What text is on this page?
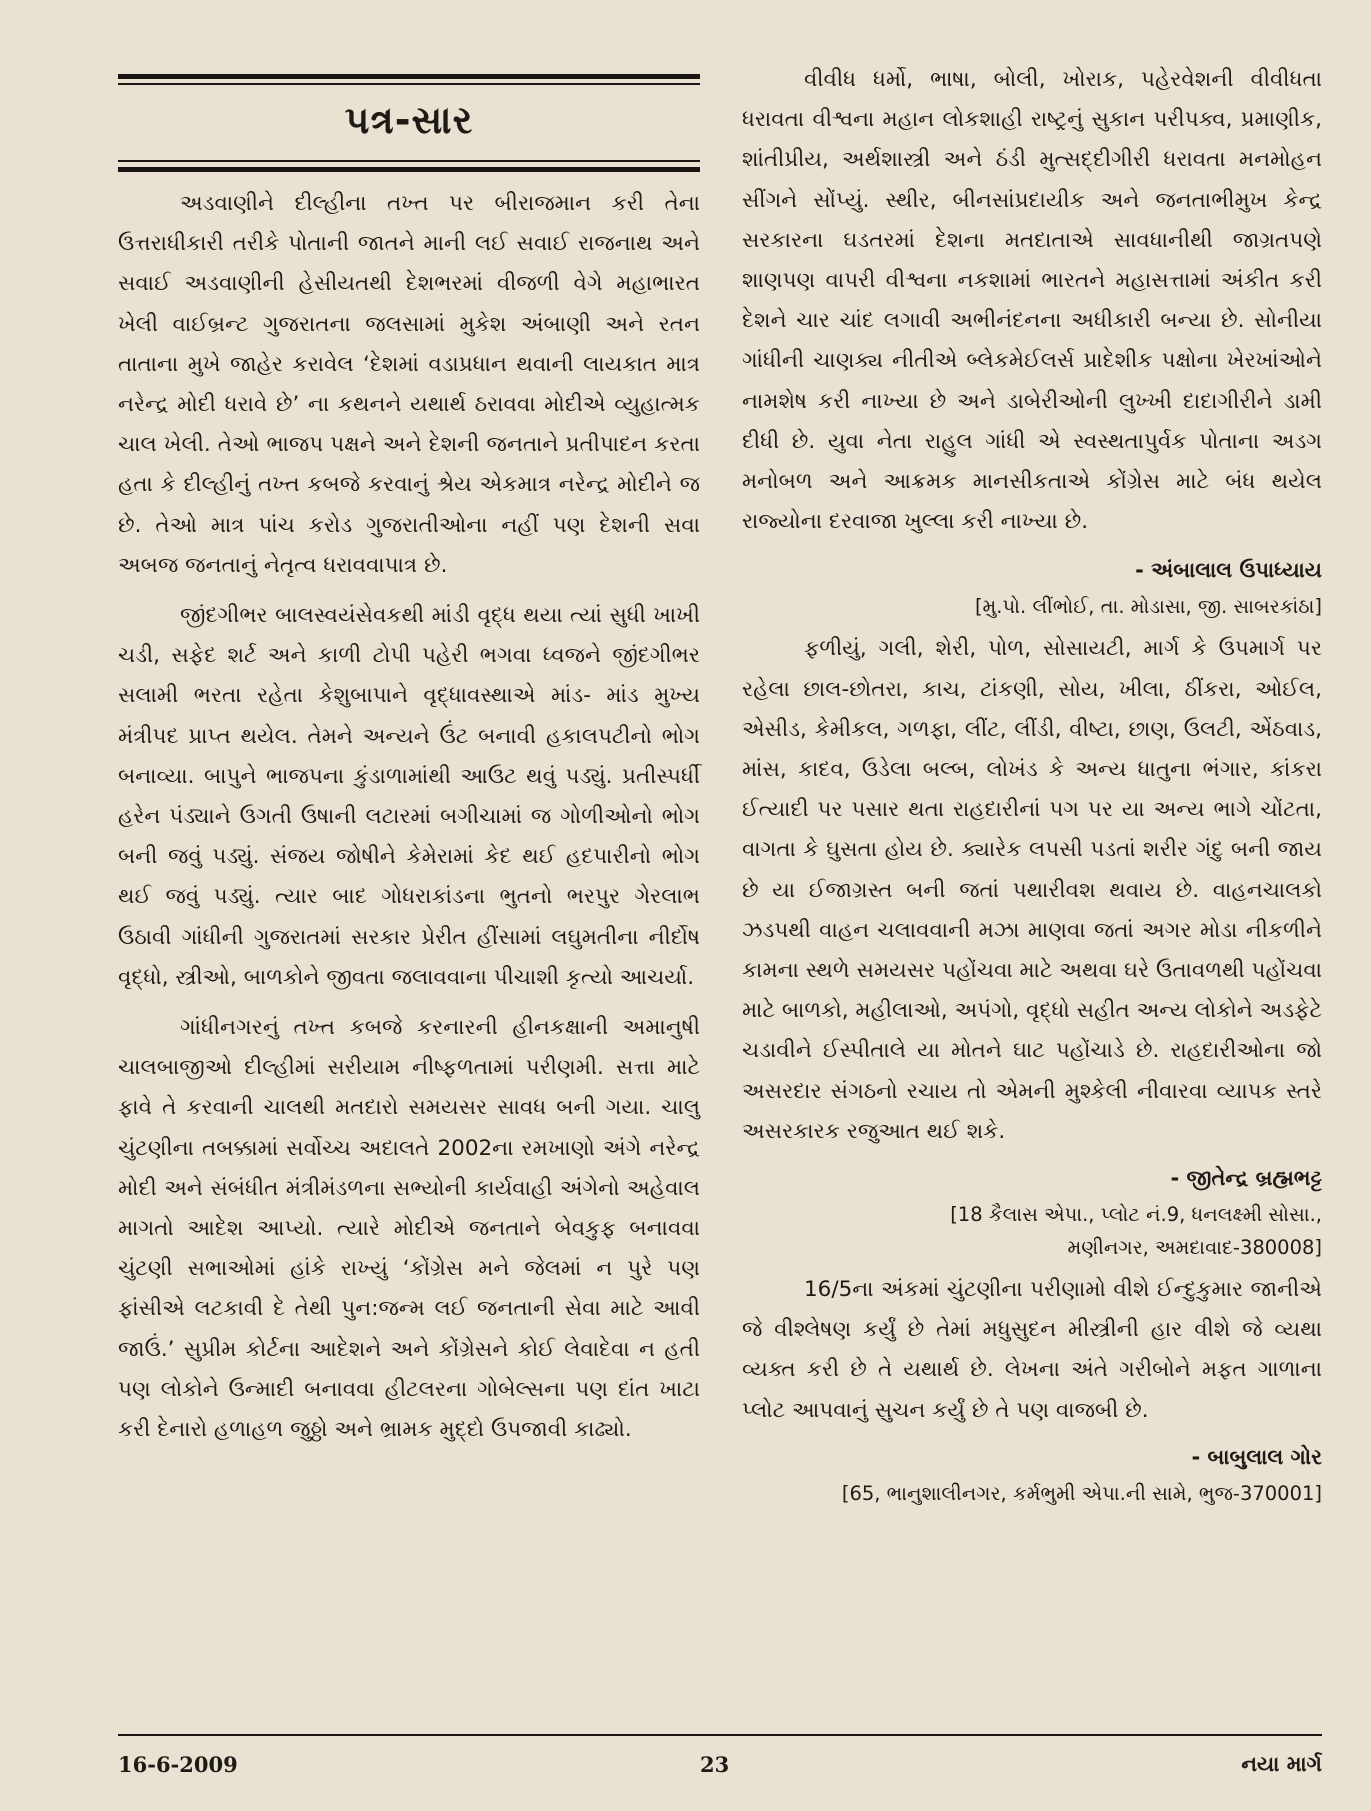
પત્ર-સાર

અડવાણીને દીલ્હીના તખ્ત પર બીરાજમાન કરી તેના ઉત્તરાધીકારી તરીકે પોતાની જાતને માની લઈ સવાઈ રાજનાથ અને સવાઈ અડવાણીની હેસીયતથી દેશભરમાં વીજળી વેગે મહાભારત ખેલી વાઈબ્રન્ટ ગુજરાતના જલસામાં મુકેશ અંબાણી અને રતન તાતાના મુખે જાહેર કરાવેલ ‘દેશમાં વડાપ્રધાન થવાની લાયકાત માત્ર નરેન્દ્ર મોદી ધરાવે છે’ ના કથનને યથાર્થ ઠરાવવા મોદીએ વ્યુહાત્મક ચાલ ખેલી. તેઓ ભાજપ પક્ષને અને દેશની જનતાને પ્રતીપાદન કરતા હતા કે દીલ્હીનું તખ્ત કબજે કરવાનું શ્રેય એકમાત્ર નરેન્દ્ર મોદીને જ છે. તેઓ માત્ર પાંચ કરોડ ગુજરાતીઓના નહીં પણ દેશની સવા અબજ જનતાનું નેતૃત્વ ધરાવવાપાત્ર છે.

જીંદગીભર બાલસ્વયંસેવકથી માંડી વૃદ્ધ થયા ત્યાં સુધી ખાખી ચડી, સફેદ શર્ટ અને કાળી ટોપી પહેરી ભગવા ધ્વજને જીંદગીભર સલામી ભરતા રહેતા કેશુબાપાને વૃદ્ધાવસ્થાએ માંડ- માંડ મુખ્ય મંત્રીપદ પ્રાપ્ત થયેલ. તેમને અન્યને ઉંટ બનાવી હકાલપટીનો ભોગ બનાવ્યા. બાપુને ભાજપના કુંડાળામાંથી આઉટ થવું પડ્યું. પ્રતીસ્પર્ધી હરેન પંડ્યાને ઉગતી ઉષાની લટારમાં બગીચામાં જ ગોળીઓનો ભોગ બની જવું પડ્યું. સંજય જોષીને કેમેરામાં કેદ થઈ હદપારીનો ભોગ થઈ જવું પડ્યું. ત્યાર બાદ ગોધરાકાંડના ભુતનો ભરપુર ગેરલાભ ઉઠાવી ગાંધીની ગુજરાતમાં સરકાર પ્રેરીત હીંસામાં લઘુમતીના નીર્દોષ વૃદ્ધો, સ્ત્રીઓ, બાળકોને જીવતા જલાવવાના પીચાશી કૃત્યો આચર્યા.

ગાંધીનગરનું તખ્ત કબજે કરનારની હીનકક્ષાની અમાનુષી ચાલબાજીઓ દીલ્હીમાં સરીયામ નીષ્ફળતામાં પરીણમી. સત્તા માટે ફાવે તે કરવાની ચાલથી મતદારો સમયસર સાવધ બની ગયા. ચાલુ ચુંટણીના તબક્કામાં સર્વોચ્ચ અદાલતે 2002ના રમખાણો અંગે નરેન્દ્ર મોદી અને સંબંધીત મંત્રીમંડળના સભ્યોની કાર્યવાહી અંગેનો અહેવાલ માગતો આદેશ આપ્યો. ત્યારે મોદીએ જનતાને બેવકુફ બનાવવા ચુંટણી સભાઓમાં હાંકે રાખ્યું ‘કોંગ્રેસ મને જેલમાં ન પુરે પણ ફાંસીએ લટકાવી દે તેથી પુન:જન્મ લઈ જનતાની સેવા માટે આવી જાઉં.’ સુપ્રીમ કોર્ટના આદેશને અને કોંગ્રેસને કોઈ લેવાદેવા ન હતી પણ લોકોને ઉન્માદી બનાવવા હીટલરના ગોબેલ્સના પણ દાંત ખાટા કરી દેનારો હળાહળ જુઠ્ઠો અને ભ્રામક મુદ્દો ઉપજાવી કાઢ્યો.

વીવીધ ધર્મો, ભાષા, બોલી, ખોરાક, પહેરવેશની વીવીધતા ધરાવતા વીશ્વના મહાન લોકશાહી રાષ્ટ્રનું સુકાન પરીપક્વ, પ્રમાણીક, શાંતીપ્રીય, અર્થશાસ્ત્રી અને ઠંડી મુત્સદ્દીગીરી ધરાવતા મનમોહન સીંગને સોંપ્યું. સ્થીર, બીનસાંપ્રદાયીક અને જનતાભીમુખ કેન્દ્ર સરકારના ઘડતરમાં દેશના મતદાતાએ સાવધાનીથી જાગ્રતપણે શાણપણ વાપરી વીશ્વના નકશામાં ભારતને મહાસત્તામાં અંકીત કરી દેશને ચાર ચાંદ લગાવી અભીનંદનના અધીકારી બન્યા છે. સોનીયા ગાંધીની ચાણક્ય નીતીએ બ્લેકમેઈલર્સ પ્રાદેશીક પક્ષોના ખેરખાંઓને નામશેષ કરી નાખ્યા છે અને ડાબેરીઓની લુખ્ખી દાદાગીરીને ડામી દીધી છે. યુવા નેતા રાહુલ ગાંધી એ સ્વસ્થતાપુર્વક પોતાના અડગ મનોબળ અને આક્રમક માનસીકતાએ કોંગ્રેસ માટે બંધ થયેલ રાજ્યોના દરવાજા ખુલ્લા કરી નાખ્યા છે.

- અંબાલાલ ઉપાધ્યાય

[મુ.પો. લીંભોઈ, તા. મોડાસા, જી. સાબરકાંઠા]

ફળીયું, ગલી, શેરી, પોળ, સોસાયટી, માર્ગ કે ઉપમાર્ગ પર રહેલા છાલ-છોતરા, કાચ, ટાંકણી, સોય, ખીલા, ઠીંકરા, ઓઈલ, એસીડ, કેમીકલ, ગળફા, લીંટ, લીંડી, વીષ્ટા, છાણ, ઉલટી, એંઠવાડ, માંસ, કાદવ, ઉડેલા બલ્બ, લોખંડ કે અન્ય ધાતુના ભંગાર, કાંકરા ઈત્યાદી પર પસાર થતા રાહદારીનાં પગ પર યા અન્ય ભાગે ચોંટતા, વાગતા કે ઘુસતા હોય છે. ક્યારેક લપસી પડતાં શરીર ગંદુ બની જાય છે યા ઈજાગ્રસ્ત બની જતાં પથારીવશ થવાય છે. વાહનચાલકો ઝડપથી વાહન ચલાવવાની મઝા માણવા જતાં અગર મોડા નીકળીને કામના સ્થળે સમયસર પહોંચવા માટે અથવા ઘરે ઉતાવળથી પહોંચવા માટે બાળકો, મહીલાઓ, અપંગો, વૃદ્ધો સહીત અન્ય લોકોને અડફેટે ચડાવીને ઈસ્પીતાલે યા મોતને ઘાટ પહોંચાડે છે. રાહદારીઓના જો અસરદાર સંગઠનો રચાય તો એમની મુશ્કેલી નીવારવા વ્યાપક સ્તરે અસરકારક રજુઆત થઈ શકે.

- જીતેન્દ્ર બ્રહ્મભટ્ટ

[18 કૈલાસ એપા., પ્લોટ નં.9, ધનલક્ષ્મી સોસા.,

મણીનગર, અમદાવાદ-380008]

16/5ના અંકમાં ચુંટણીના પરીણામો વીશે ઈન્દુકુમાર જાનીએ જે વીશ્લેષણ કર્યું છે તેમાં મધુસુદન મીસ્ત્રીની હાર વીશે જે વ્યથા વ્યક્ત કરી છે તે યથાર્થ છે. લેખના અંતે ગરીબોને મફત ગાળાના પ્લોટ આપવાનું સુચન કર્યું છે તે પણ વાજબી છે.

- બાબુલાલ ગોર

[65, ભાનુશાલીનગર, કર્મભુમી એપા.ની સામે, ભુજ-370001]

16-6-2009	23	નયા માર્ગ
